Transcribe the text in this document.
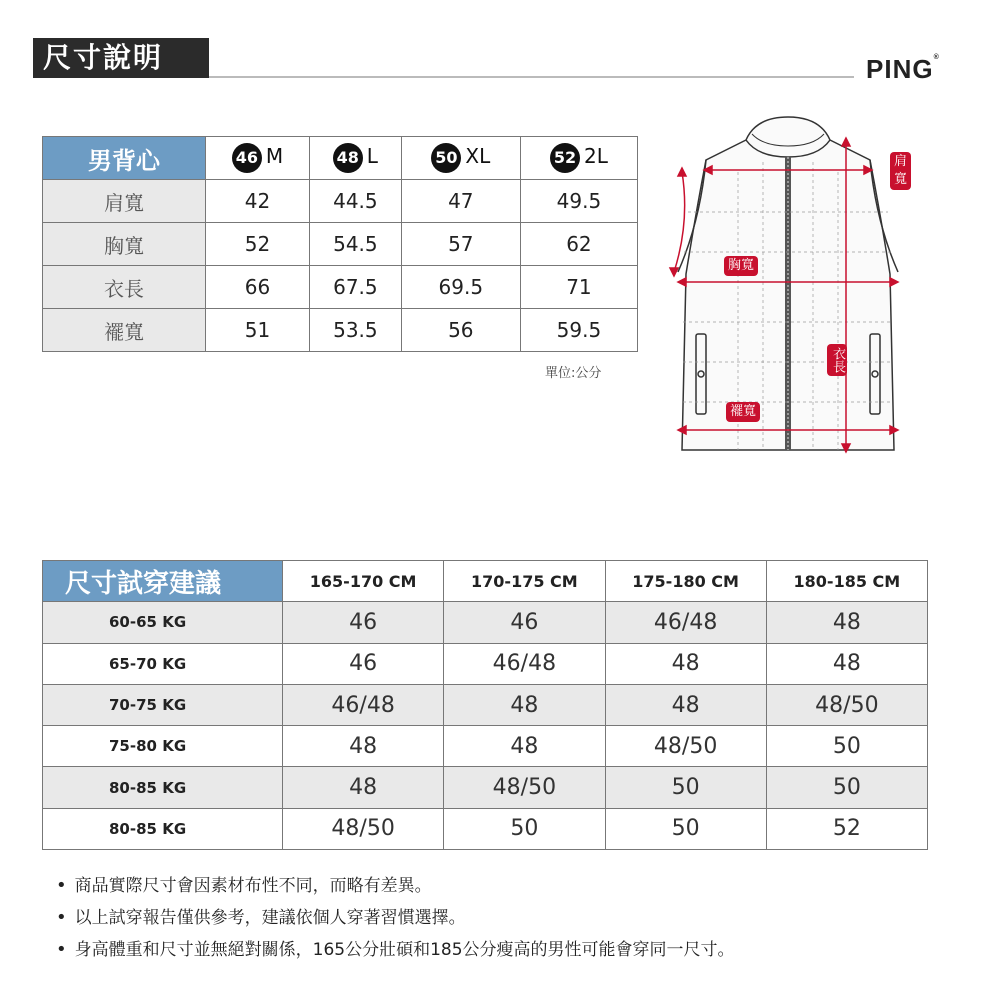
尺寸說明	PING®
男背心	46 M	48 L	50 XL	52 2L
肩寬	42	44.5	47	49.5
胸寬	52	54.5	57	62
衣長	66	67.5	69.5	71
襬寬	51	53.5	56	59.5
單位:公分
肩寬
胸寬
衣長
襬寬
尺寸試穿建議	165-170 CM	170-175 CM	175-180 CM	180-185 CM
60-65 KG	46	46	46/48	48
65-70 KG	46	46/48	48	48
70-75 KG	46/48	48	48	48/50
75-80 KG	48	48	48/50	50
80-85 KG	48	48/50	50	50
80-85 KG	48/50	50	50	52
• 商品實際尺寸會因素材布性不同，而略有差異。
• 以上試穿報告僅供參考，建議依個人穿著習慣選擇。
• 身高體重和尺寸並無絕對關係，165公分壯碩和185公分瘦高的男性可能會穿同一尺寸。
